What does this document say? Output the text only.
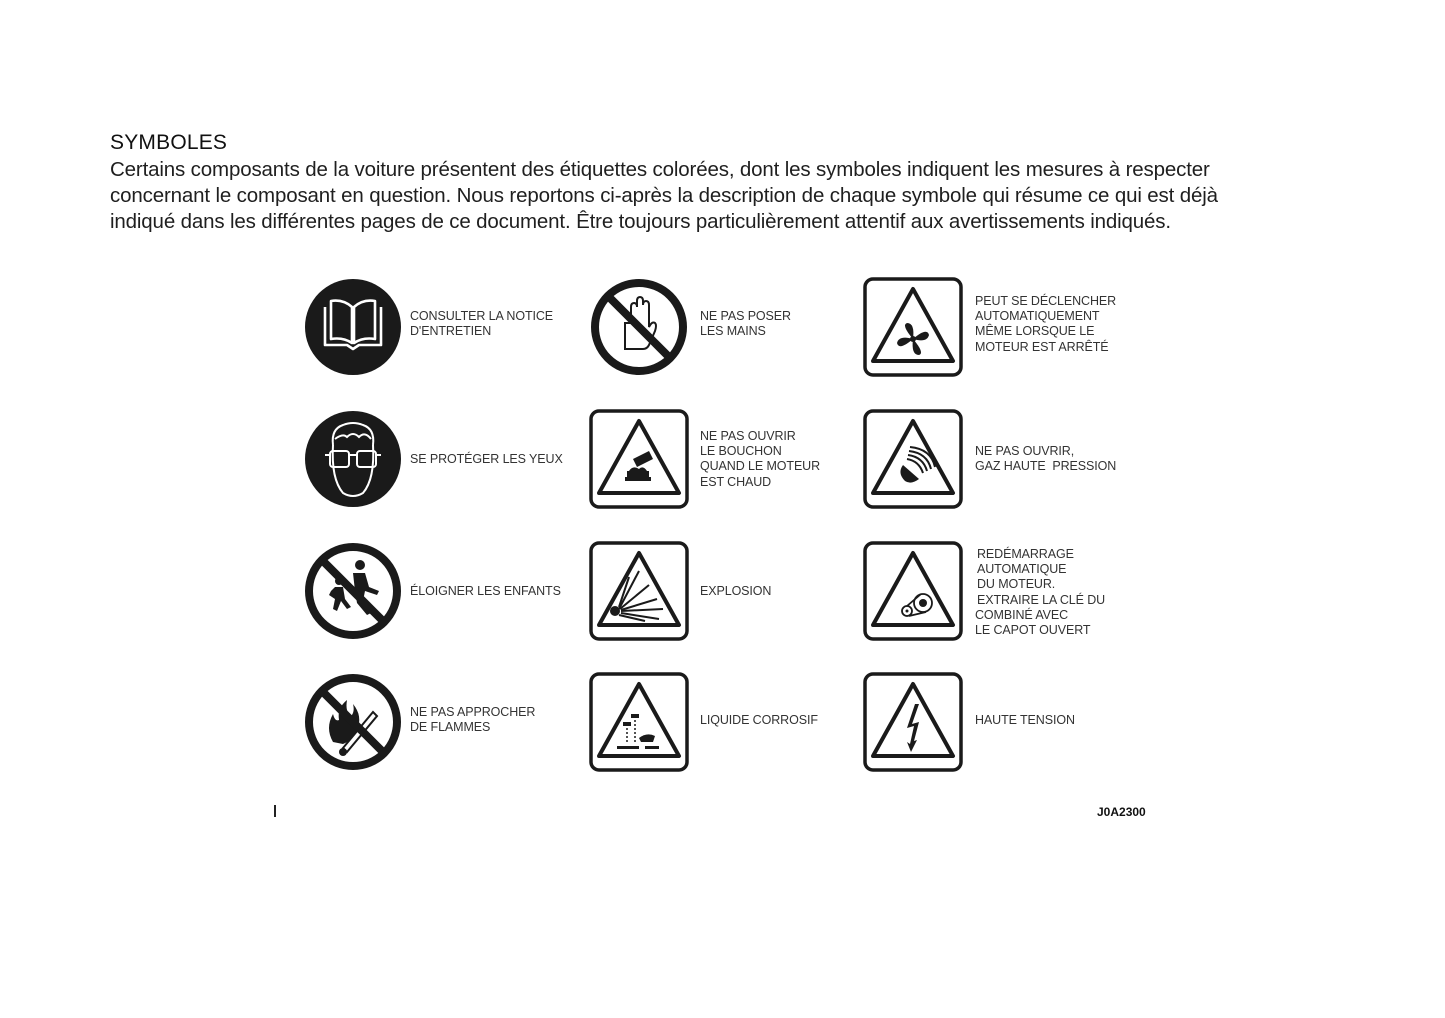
SYMBOLES
Certains composants de la voiture présentent des étiquettes colorées, dont les symboles indiquent les mesures à respecter
concernant le composant en question. Nous reportons ci-après la description de chaque symbole qui résume ce qui est déjà
indiqué dans les différentes pages de ce document. Être toujours particulièrement attentif aux avertissements indiqués.
CONSULTER LA NOTICE
D'ENTRETIEN
NE PAS POSER
LES MAINS
PEUT SE DÉCLENCHER
AUTOMATIQUEMENT
MÊME LORSQUE LE
MOTEUR EST ARRÊTÉ
SE PROTÉGER LES YEUX
NE PAS OUVRIR
LE BOUCHON
QUAND LE MOTEUR
EST CHAUD
NE PAS OUVRIR,
GAZ HAUTE  PRESSION
ÉLOIGNER LES ENFANTS	EXPLOSION
REDÉMARRAGE
AUTOMATIQUE
DU MOTEUR.
EXTRAIRE LA CLÉ DU
COMBINÉ AVEC
LE CAPOT OUVERT
NE PAS APPROCHER
DE FLAMMES
LIQUIDE CORROSIF	HAUTE TENSION
J0A2300
